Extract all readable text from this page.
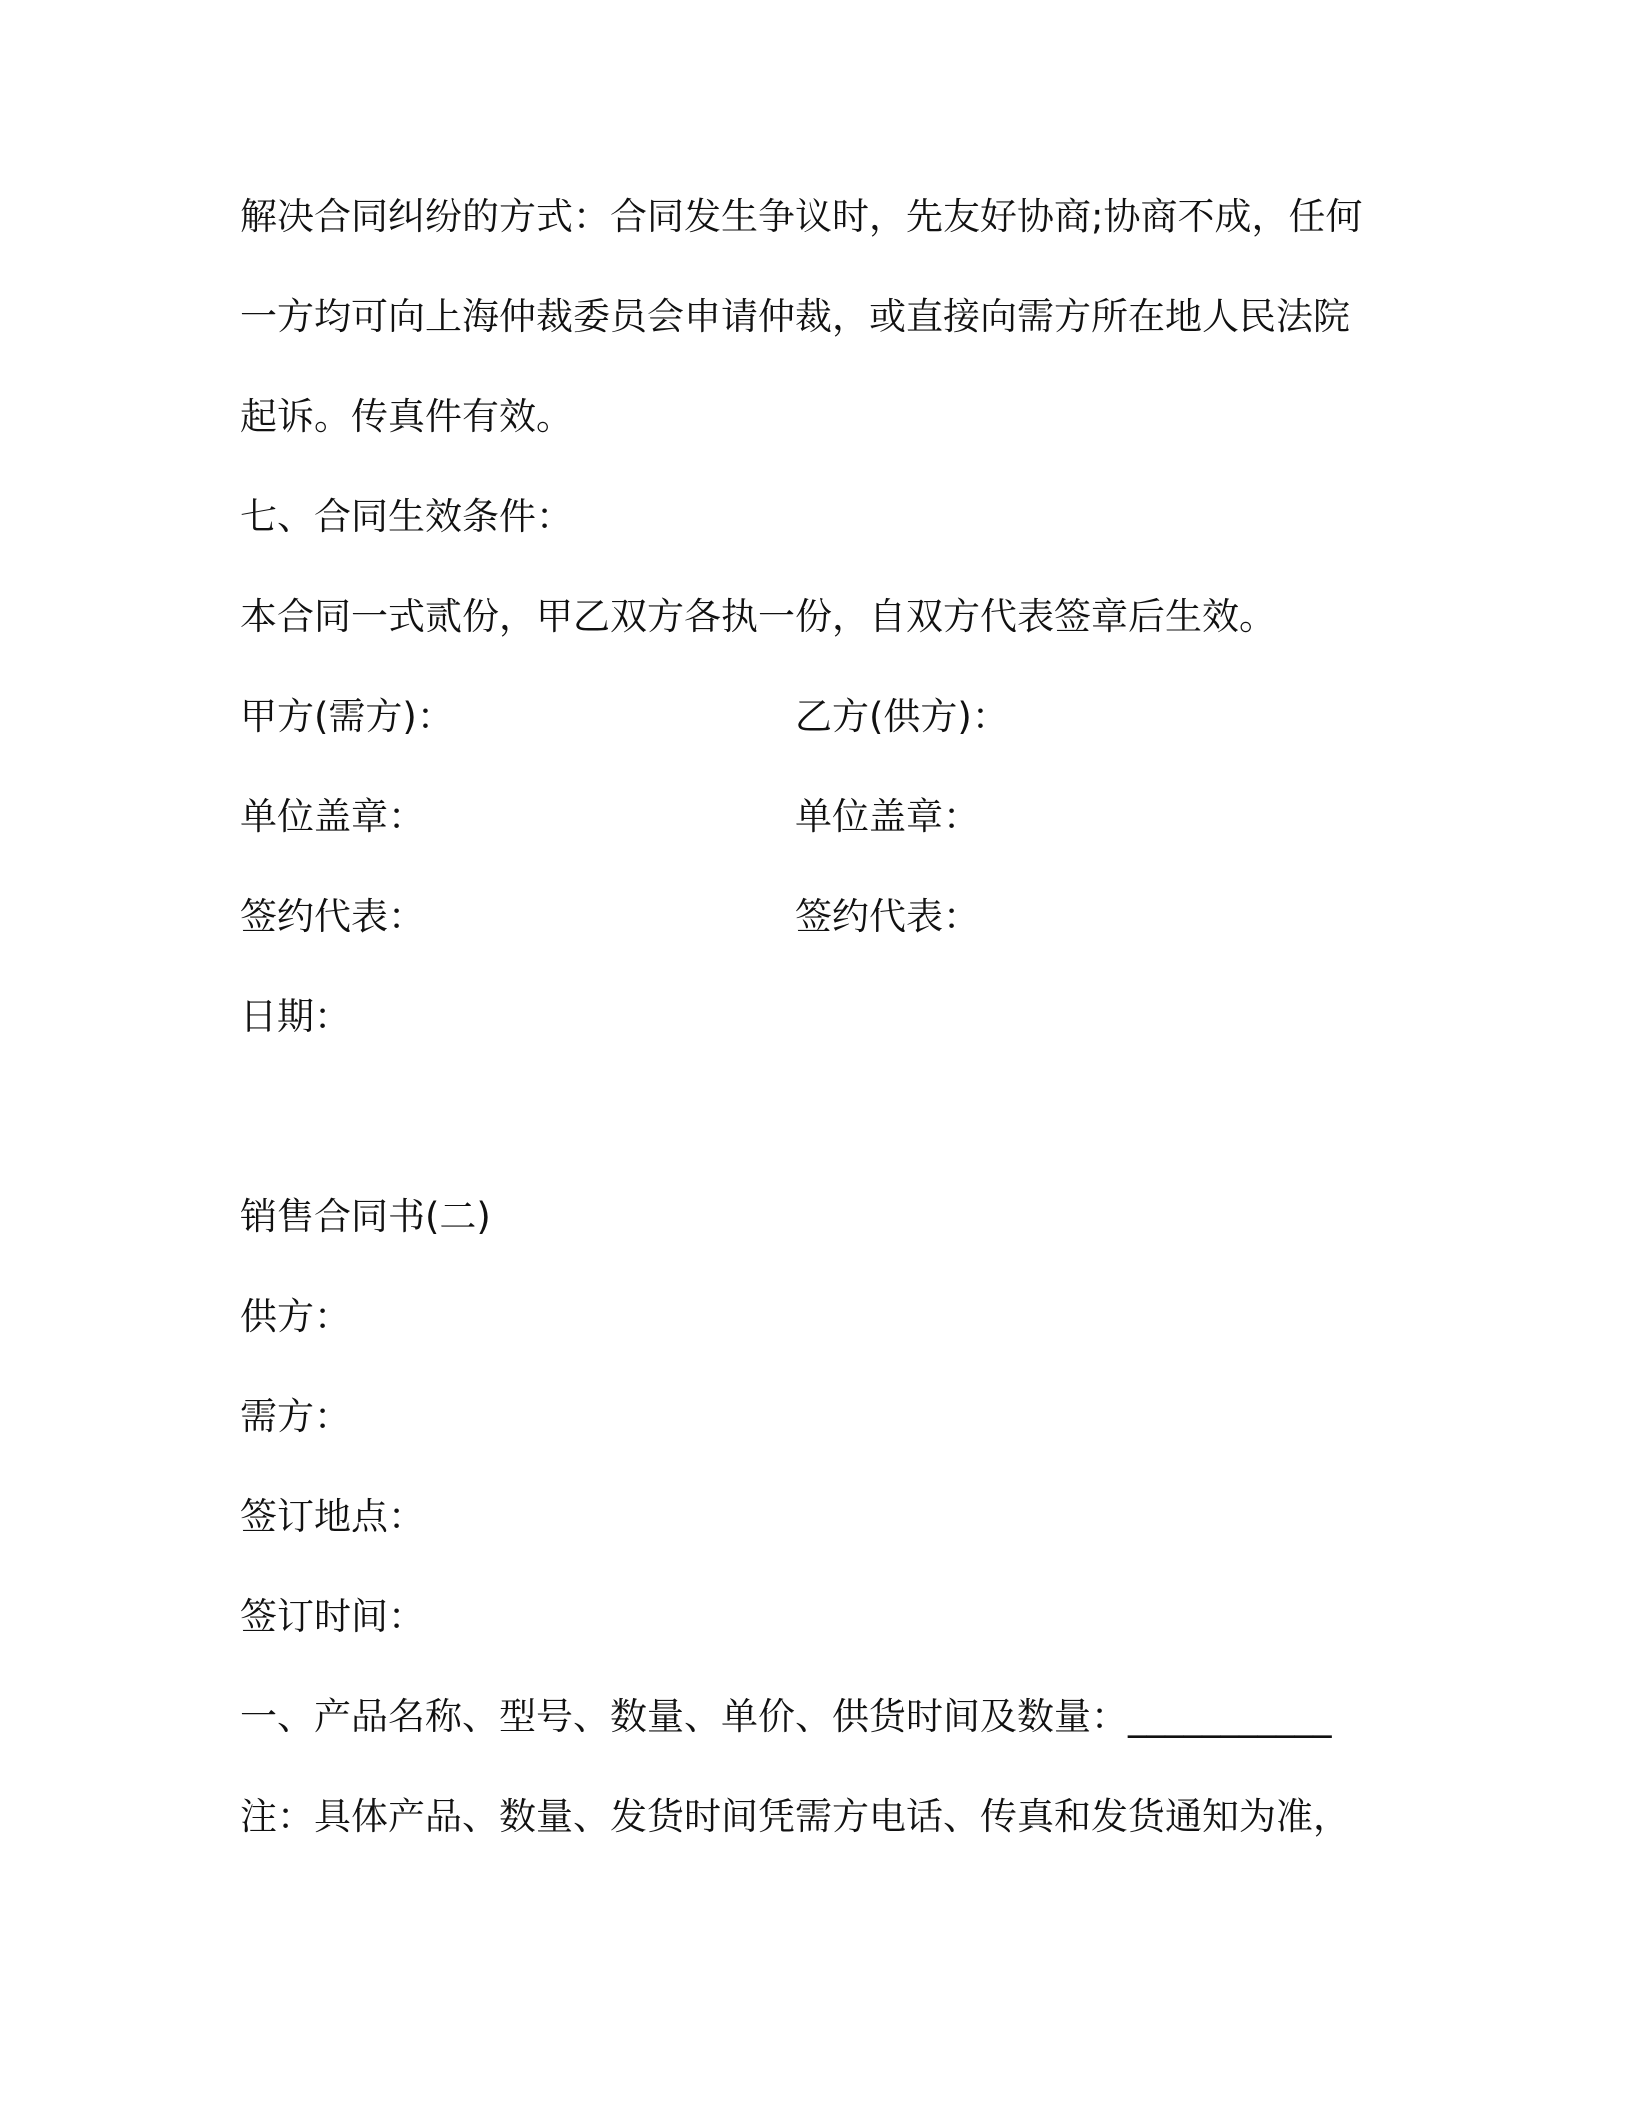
解决合同纠纷的方式：合同发生争议时，先友好协商;协商不成，任何
一方均可向上海仲裁委员会申请仲裁，或直接向需方所在地人民法院
起诉。传真件有效。
七、合同生效条件：
本合同一式贰份，甲乙双方各执一份，自双方代表签章后生效。
甲方(需方)：	乙方(供方)：
单位盖章：	单位盖章：
签约代表：	签约代表：
日期：
销售合同书(二)
供方：
需方：
签订地点：
签订时间：
一、产品名称、型号、数量、单价、供货时间及数量：___________
注：具体产品、数量、发货时间凭需方电话、传真和发货通知为准，
